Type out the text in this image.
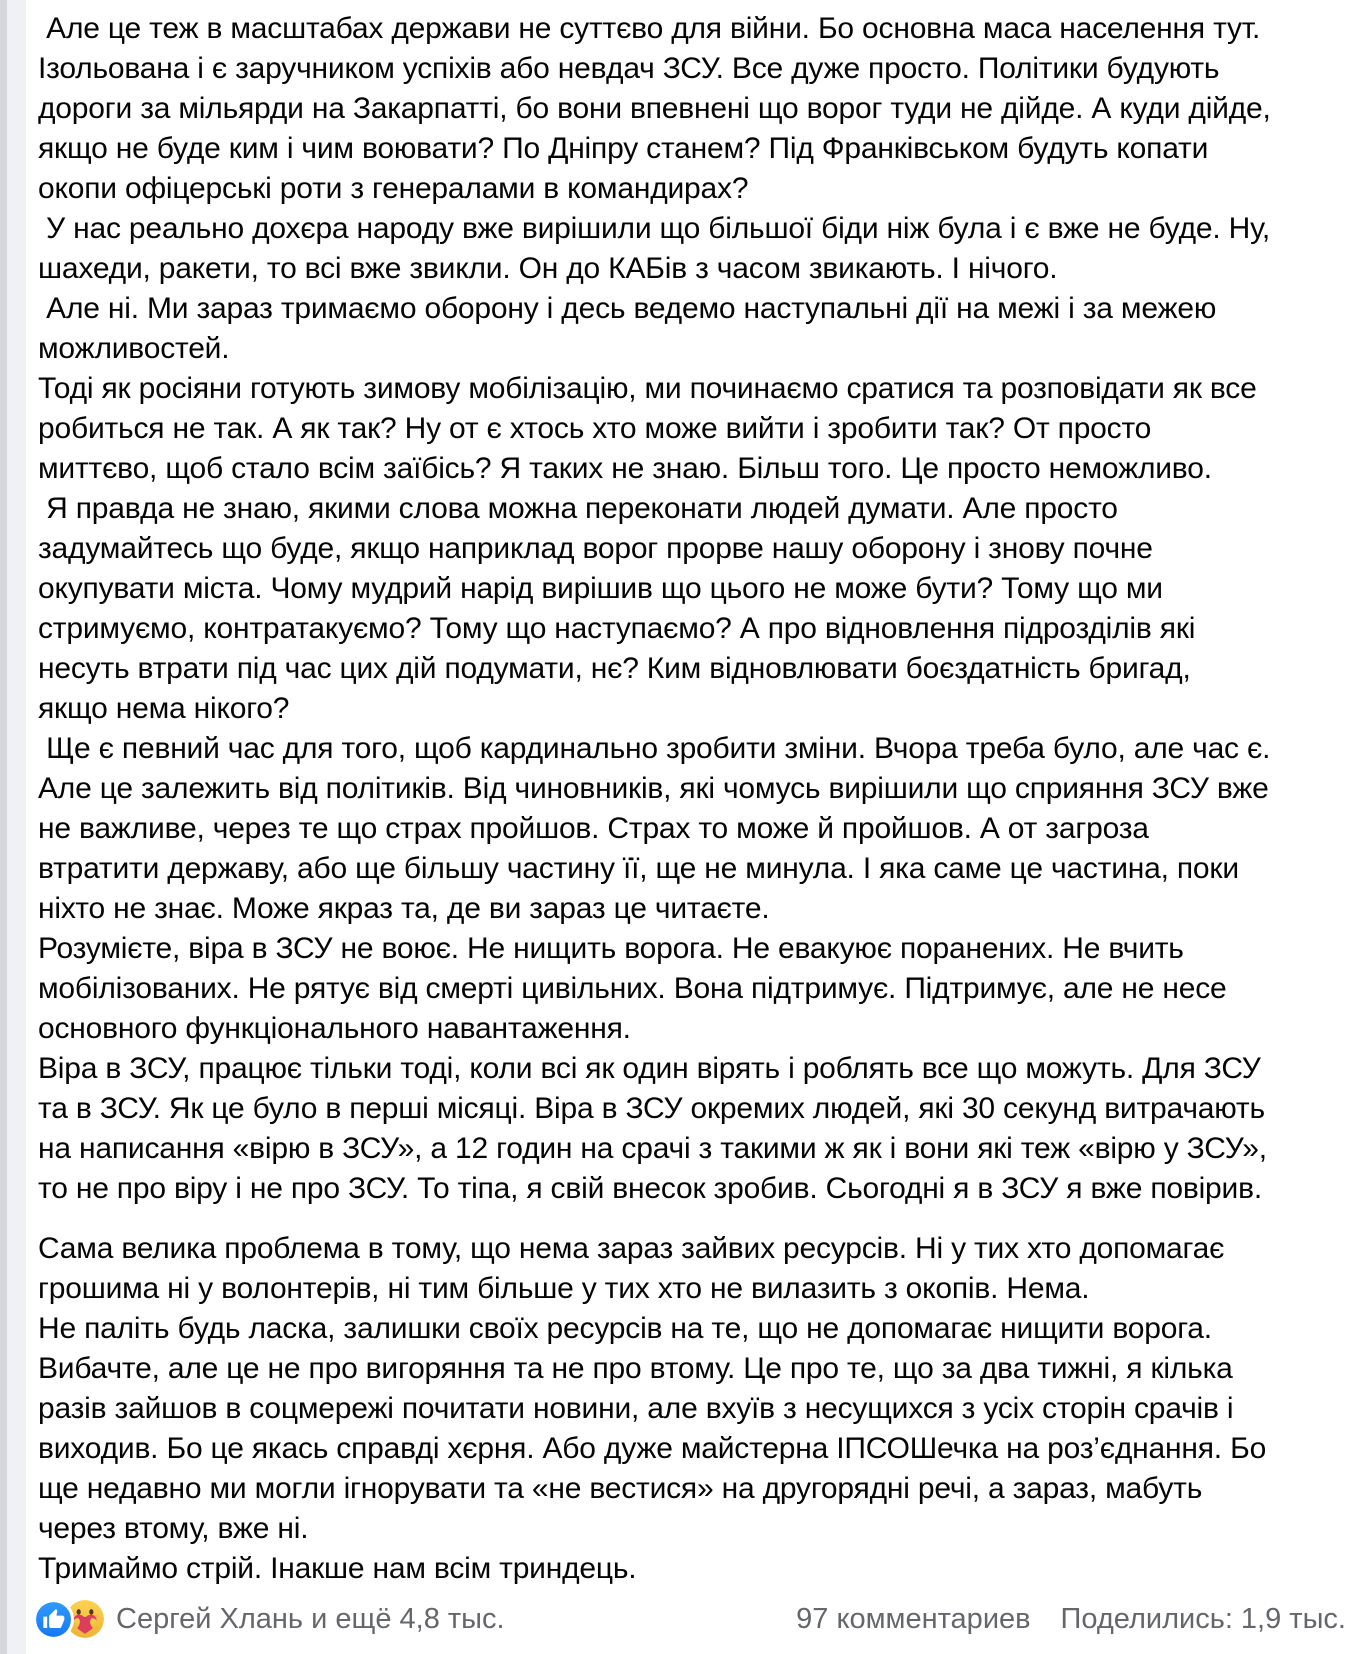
Але це теж в масштабах держави не суттєво для війни. Бо основна маса населення тут.
Ізольована і є заручником успіхів або невдач ЗСУ. Все дуже просто. Політики будують
дороги за мільярди на Закарпатті, бо вони впевнені що ворог туди не дійде. А куди дійде,
якщо не буде ким і чим воювати? По Дніпру станем? Під Франківськом будуть копати
окопи офіцерські роти з генералами в командирах?
У нас реально дохєра народу вже вирішили що більшої біди ніж була і є вже не буде. Ну,
шахеди, ракети, то всі вже звикли. Он до КАБів з часом звикають. І нічого.
Але ні. Ми зараз тримаємо оборону і десь ведемо наступальні дії на межі і за межею
можливостей.
Тоді як росіяни готують зимову мобілізацію, ми починаємо сратися та розповідати як все
робиться не так. А як так? Ну от є хтось хто може вийти і зробити так? От просто
миттєво, щоб стало всім заїбісь? Я таких не знаю. Більш того. Це просто неможливо.
Я правда не знаю, якими слова можна переконати людей думати. Але просто
задумайтесь що буде, якщо наприклад ворог прорве нашу оборону і знову почне
окупувати міста. Чому мудрий нарід вирішив що цього не може бути? Тому що ми
стримуємо, контратакуємо? Тому що наступаємо? А про відновлення підрозділів які
несуть втрати під час цих дій подумати, нє? Ким відновлювати боєздатність бригад,
якщо нема нікого?
Ще є певний час для того, щоб кардинально зробити зміни. Вчора треба було, але час є.
Але це залежить від політиків. Від чиновників, які чомусь вирішили що сприяння ЗСУ вже
не важливе, через те що страх пройшов. Страх то може й пройшов. А от загроза
втратити державу, або ще більшу частину її, ще не минула. І яка саме це частина, поки
ніхто не знає. Може якраз та, де ви зараз це читаєте.
Розумієте, віра в ЗСУ не воює. Не нищить ворога. Не евакуює поранених. Не вчить
мобілізованих. Не рятує від смерті цивільних. Вона підтримує. Підтримує, але не несе
основного функціонального навантаження.
Віра в ЗСУ, працює тільки тоді, коли всі як один вірять і роблять все що можуть. Для ЗСУ
та в ЗСУ. Як це було в перші місяці. Віра в ЗСУ окремих людей, які 30 секунд витрачають
на написання «вірю в ЗСУ», а 12 годин на срачі з такими ж як і вони які теж «вірю у ЗСУ»,
то не про віру і не про ЗСУ. То тіпа, я свій внесок зробив. Сьогодні я в ЗСУ я вже повірив.
Сама велика проблема в тому, що нема зараз зайвих ресурсів. Ні у тих хто допомагає
грошима ні у волонтерів, ні тим більше у тих хто не вилазить з окопів. Нема.
Не паліть будь ласка, залишки своїх ресурсів на те, що не допомагає нищити ворога.
Вибачте, але це не про вигоряння та не про втому. Це про те, що за два тижні, я кілька
разів зайшов в соцмережі почитати новини, але вхуїв з несущихся з усіх сторін срачів і
виходив. Бо це якась справді хєрня. Або дуже майстерна ІПСОШечка на роз’єднання. Бо
ще недавно ми могли ігнорувати та «не вестися» на другорядні речі, а зараз, мабуть
через втому, вже ні.
Тримаймо стрій. Інакше нам всім триндець.
Сергей Хлань и ещё 4,8 тыс.	97 комментариев Поделились: 1,9 тыс.
